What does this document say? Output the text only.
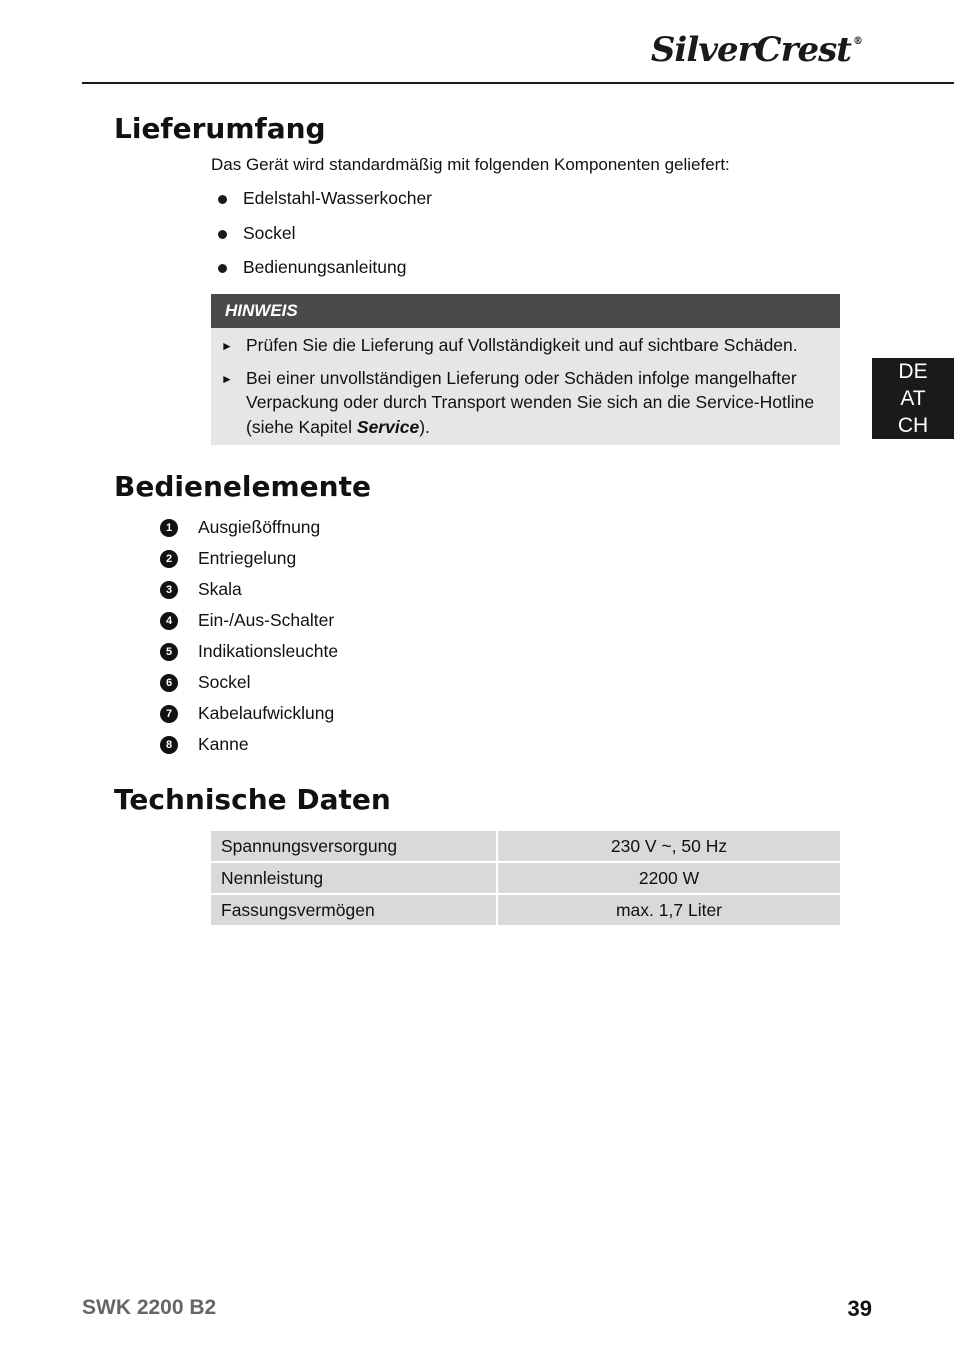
SilverCrest ®
Lieferumfang
Das Gerät wird standardmäßig mit folgenden Komponenten geliefert:
Edelstahl-Wasserkocher
Sockel
Bedienungsanleitung
HINWEIS
► Prüfen Sie die Lieferung auf Vollständigkeit und auf sichtbare Schäden.
► Bei einer unvollständigen Lieferung oder Schäden infolge mangelhafter Verpackung oder durch Transport wenden Sie sich an die Service-Hotline (siehe Kapitel Service).
DE
AT
CH
Bedienelemente
1	Ausgießöffnung
2	Entriegelung
3	Skala
4	Ein-/Aus-Schalter
5	Indikationsleuchte
6	Sockel
7	Kabelaufwicklung
8	Kanne
Technische Daten
Spannungsversorgung	230 V ~, 50 Hz
Nennleistung	2200 W
Fassungsvermögen	max. 1,7 Liter
SWK 2200 B2	39
